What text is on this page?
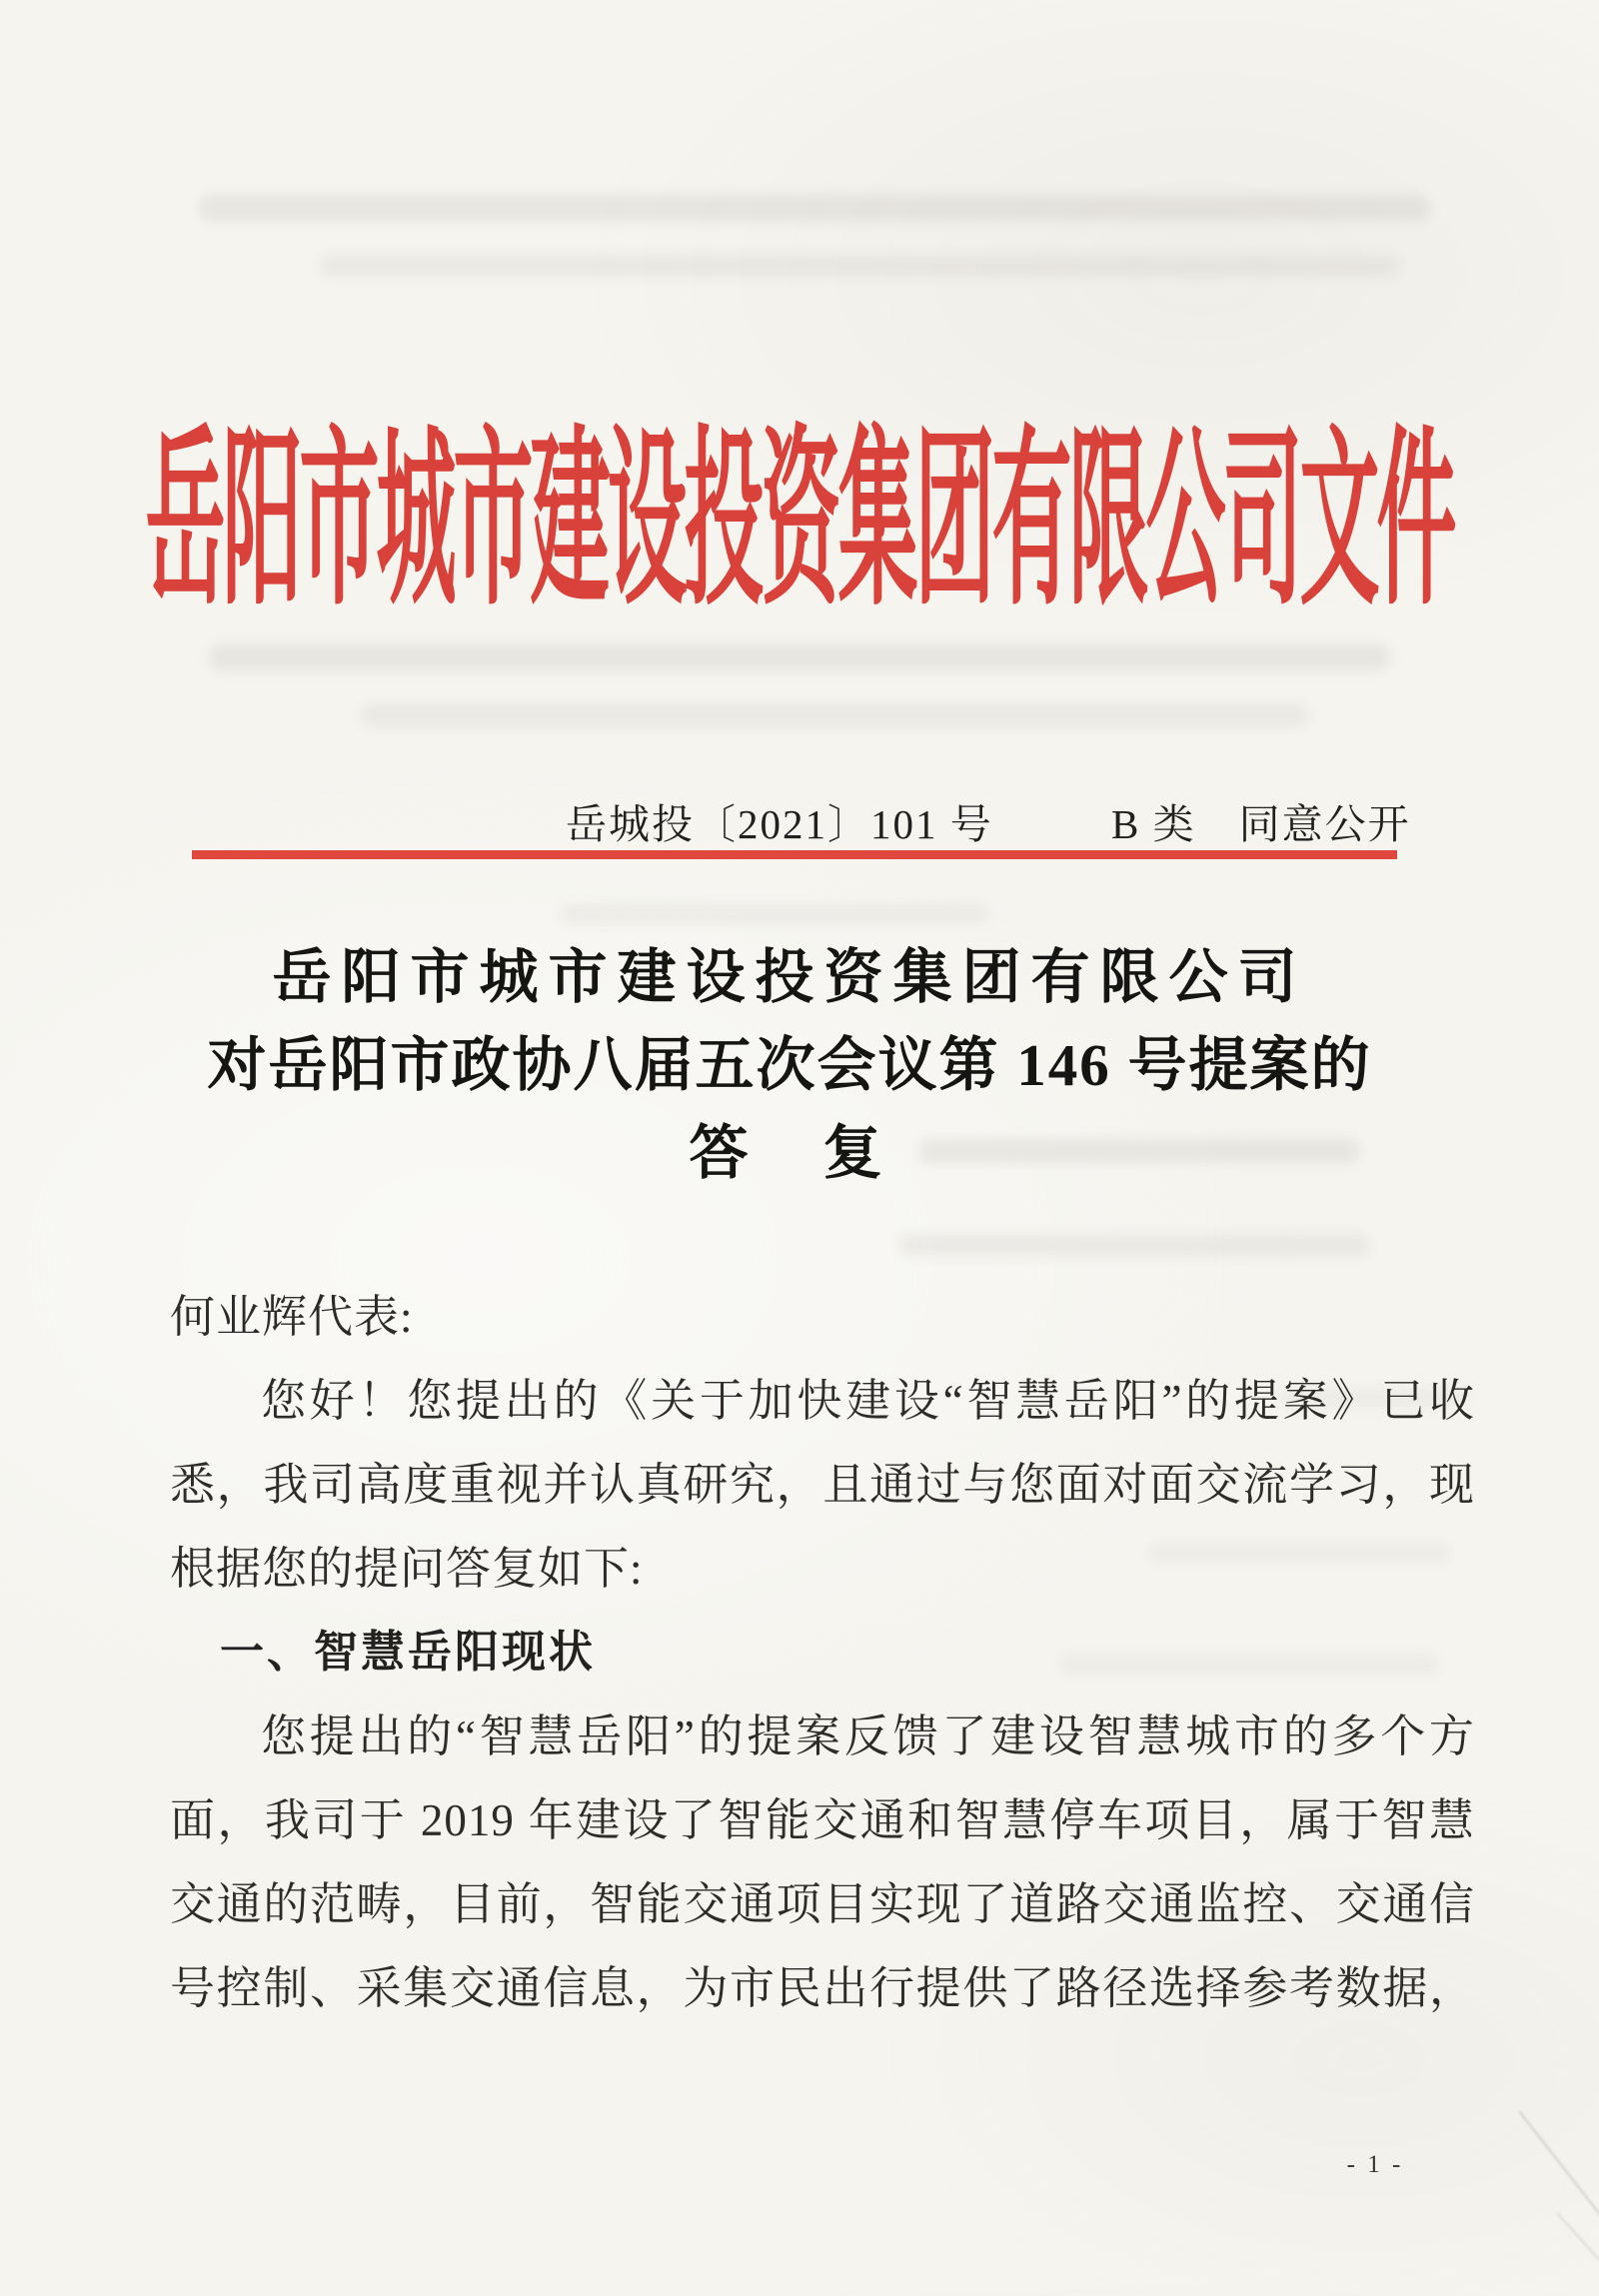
岳阳市城市建设投资集团有限公司文件
岳城投〔2021〕101 号	B 类　同意公开
岳阳市城市建设投资集团有限公司
对岳阳市政协八届五次会议第 146 号提案的
答　复
何业辉代表:
您好！您提出的《关于加快建设“智慧岳阳”的提案》已收
悉，我司高度重视并认真研究，且通过与您面对面交流学习，现
根据您的提问答复如下:
一、智慧岳阳现状
您提出的“智慧岳阳”的提案反馈了建设智慧城市的多个方
面，我司于 2019 年建设了智能交通和智慧停车项目，属于智慧
交通的范畴，目前，智能交通项目实现了道路交通监控、交通信
号控制、采集交通信息，为市民出行提供了路径选择参考数据，
- 1 -
